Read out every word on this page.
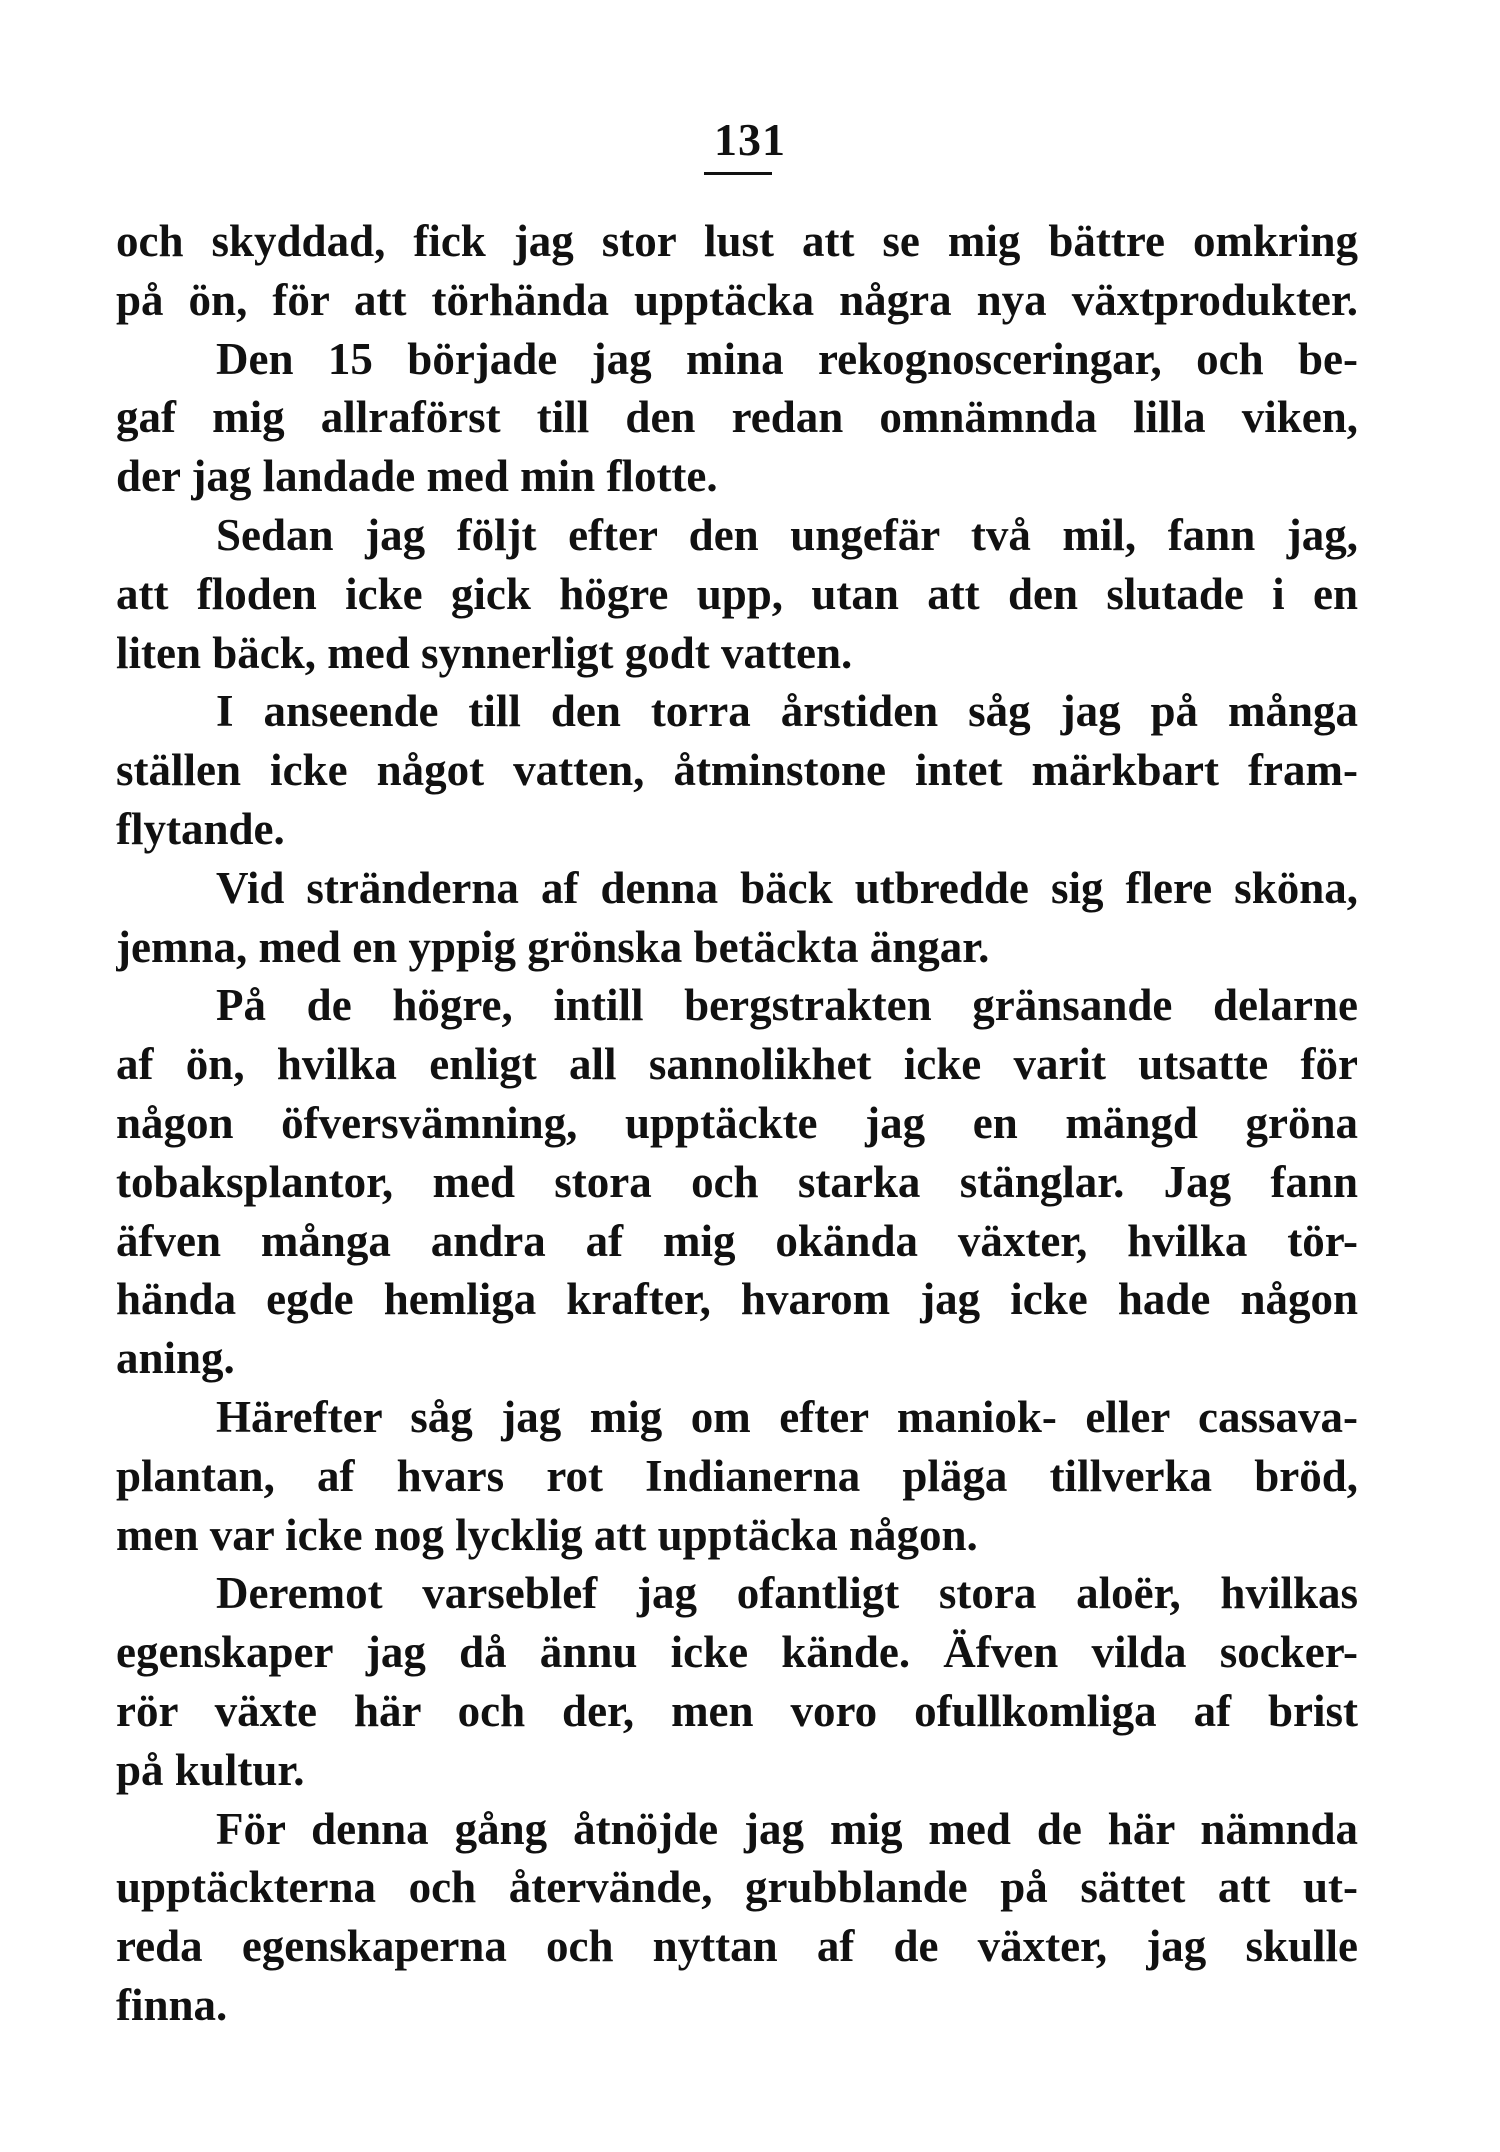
131
och skyddad, fick jag stor lust att se mig bättre omkring
på ön, för att törhända upptäcka några nya växtprodukter.
Den 15 började jag mina rekognosceringar, och be-
gaf mig allraförst till den redan omnämnda lilla viken,
der jag landade med min flotte.
Sedan jag följt efter den ungefär två mil, fann jag,
att floden icke gick högre upp, utan att den slutade i en
liten bäck, med synnerligt godt vatten.
I anseende till den torra årstiden såg jag på många
ställen icke något vatten, åtminstone intet märkbart fram-
flytande.
Vid stränderna af denna bäck utbredde sig flere sköna,
jemna, med en yppig grönska betäckta ängar.
På de högre, intill bergstrakten gränsande delarne
af ön, hvilka enligt all sannolikhet icke varit utsatte för
någon öfversvämning, upptäckte jag en mängd gröna
tobaksplantor, med stora och starka stänglar. Jag fann
äfven många andra af mig okända växter, hvilka tör-
hända egde hemliga krafter, hvarom jag icke hade någon
aning.
Härefter såg jag mig om efter maniok- eller cassava-
plantan, af hvars rot Indianerna pläga tillverka bröd,
men var icke nog lycklig att upptäcka någon.
Deremot varseblef jag ofantligt stora aloër, hvilkas
egenskaper jag då ännu icke kände. Äfven vilda socker-
rör växte här och der, men voro ofullkomliga af brist
på kultur.
För denna gång åtnöjde jag mig med de här nämnda
upptäckterna och återvände, grubblande på sättet att ut-
reda egenskaperna och nyttan af de växter, jag skulle
finna.
